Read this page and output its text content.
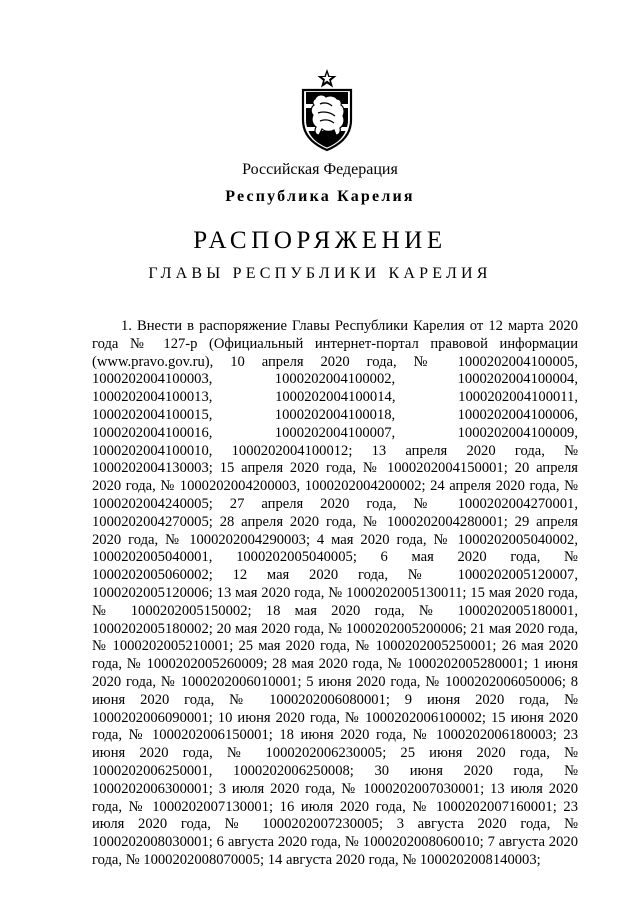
Российская Федерация
Республика Карелия
РАСПОРЯЖЕНИЕ
ГЛАВЫ РЕСПУБЛИКИ КАРЕЛИЯ

1. Внести в распоряжение Главы Республики Карелия от 12 марта 2020 года № 127-р (Официальный интернет-портал правовой информации (www.pravo.gov.ru), 10 апреля 2020 года, № 1000202004100005, 1000202004100003, 1000202004100002, 1000202004100004, 1000202004100013, 1000202004100014, 1000202004100011, 1000202004100015, 1000202004100018, 1000202004100006, 1000202004100016, 1000202004100007, 1000202004100009, 1000202004100010, 1000202004100012; 13 апреля 2020 года, № 1000202004130003; 15 апреля 2020 года, № 1000202004150001; 20 апреля 2020 года, № 1000202004200003, 1000202004200002; 24 апреля 2020 года, № 1000202004240005; 27 апреля 2020 года, № 1000202004270001, 1000202004270005; 28 апреля 2020 года, № 1000202004280001; 29 апреля 2020 года, № 1000202004290003; 4 мая 2020 года, № 1000202005040002, 1000202005040001, 1000202005040005; 6 мая 2020 года, № 1000202005060002; 12 мая 2020 года, № 1000202005120007, 1000202005120006; 13 мая 2020 года, № 1000202005130011; 15 мая 2020 года, № 1000202005150002; 18 мая 2020 года, № 1000202005180001, 1000202005180002; 20 мая 2020 года, № 1000202005200006; 21 мая 2020 года, № 1000202005210001; 25 мая 2020 года, № 1000202005250001; 26 мая 2020 года, № 1000202005260009; 28 мая 2020 года, № 1000202005280001; 1 июня 2020 года, № 1000202006010001; 5 июня 2020 года, № 1000202006050006; 8 июня 2020 года, № 1000202006080001; 9 июня 2020 года, № 1000202006090001; 10 июня 2020 года, № 1000202006100002; 15 июня 2020 года, № 1000202006150001; 18 июня 2020 года, № 1000202006180003; 23 июня 2020 года, № 1000202006230005; 25 июня 2020 года, № 1000202006250001, 1000202006250008; 30 июня 2020 года, № 1000202006300001; 3 июля 2020 года, № 1000202007030001; 13 июля 2020 года, № 1000202007130001; 16 июля 2020 года, № 1000202007160001; 23 июля 2020 года, № 1000202007230005; 3 августа 2020 года, № 1000202008030001; 6 августа 2020 года, № 1000202008060010; 7 августа 2020 года, № 1000202008070005; 14 августа 2020 года, № 1000202008140003;
